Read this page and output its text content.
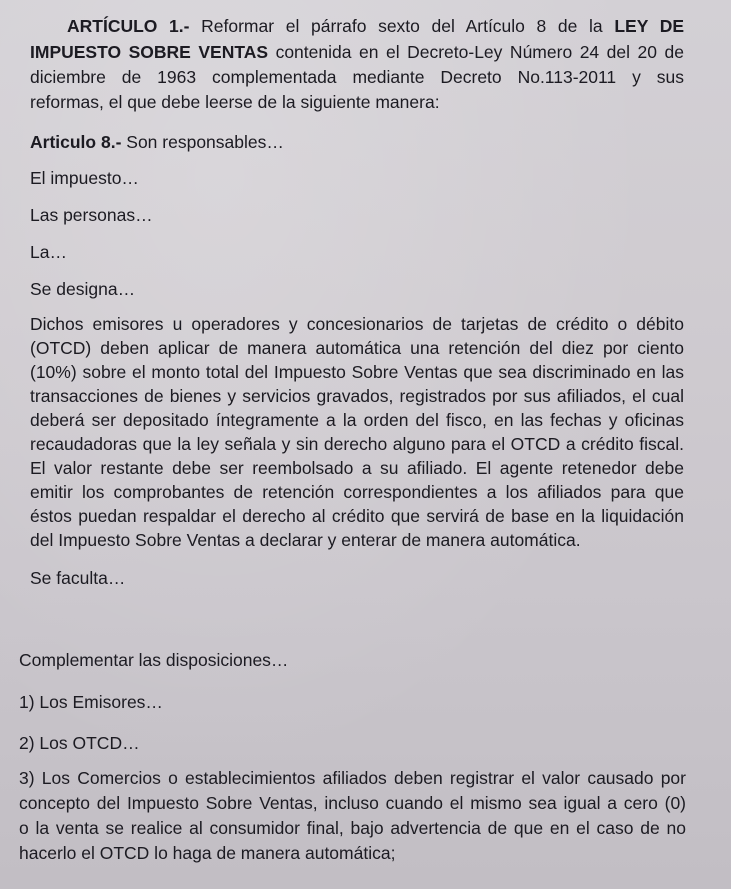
ARTÍCULO 1.- Reformar el párrafo sexto del Artículo 8 de la LEY DE
IMPUESTO SOBRE VENTAS contenida en el Decreto-Ley Número 24 del 20 de
diciembre de 1963 complementada mediante Decreto No.113-2011 y sus
reformas, el que debe leerse de la siguiente manera:
Articulo 8.- Son responsables…
El impuesto…
Las personas…
La…
Se designa…
Dichos emisores u operadores y concesionarios de tarjetas de crédito o débito
(OTCD) deben aplicar de manera automática una retención del diez por ciento
(10%) sobre el monto total del Impuesto Sobre Ventas que sea discriminado en las
transacciones de bienes y servicios gravados, registrados por sus afiliados, el cual
deberá ser depositado íntegramente a la orden del fisco, en las fechas y oficinas
recaudadoras que la ley señala y sin derecho alguno para el OTCD a crédito fiscal.
El valor restante debe ser reembolsado a su afiliado. El agente retenedor debe
emitir los comprobantes de retención correspondientes a los afiliados para que
éstos puedan respaldar el derecho al crédito que servirá de base en la liquidación
del Impuesto Sobre Ventas a declarar y enterar de manera automática.
Se faculta…
Complementar las disposiciones…
1) Los Emisores…
2) Los OTCD…
3) Los Comercios o establecimientos afiliados deben registrar el valor causado por
concepto del Impuesto Sobre Ventas, incluso cuando el mismo sea igual a cero (0)
o la venta se realice al consumidor final, bajo advertencia de que en el caso de no
hacerlo el OTCD lo haga de manera automática;
